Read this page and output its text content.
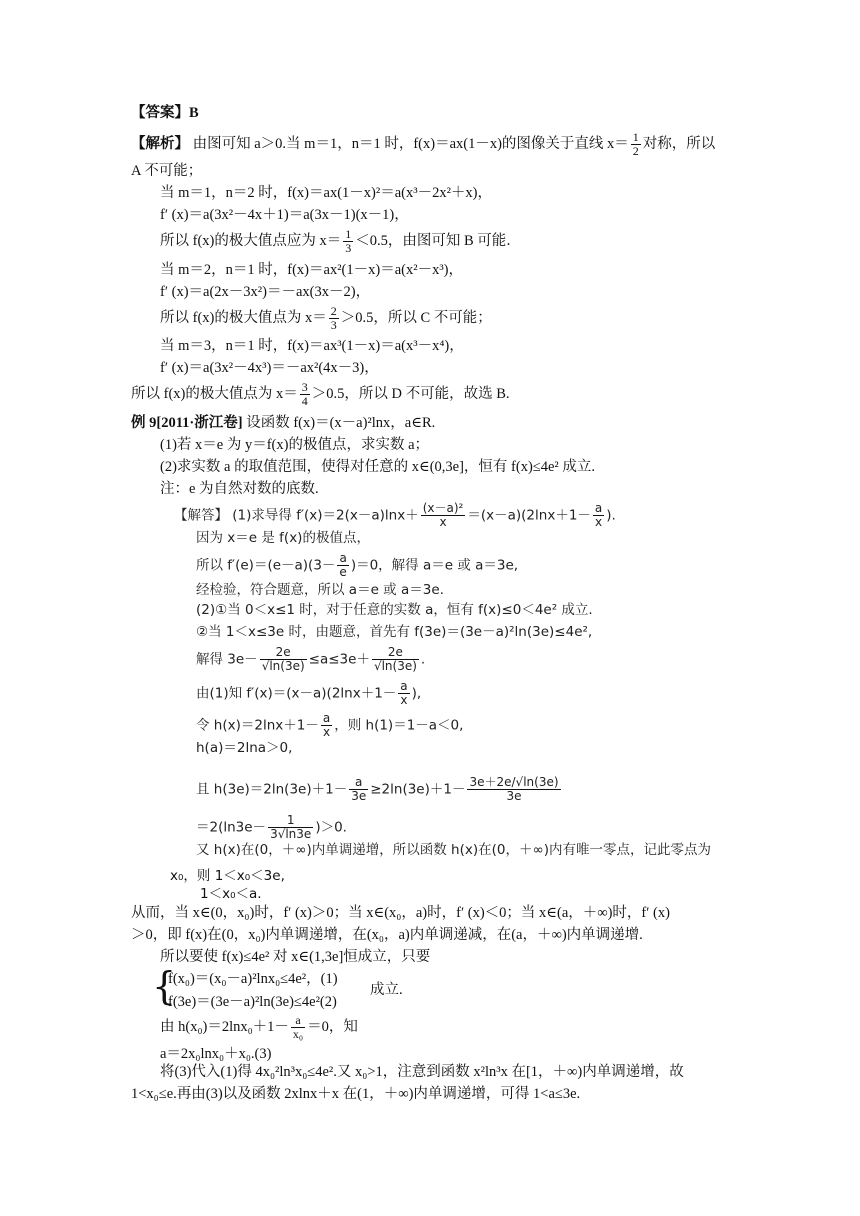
【答案】B
【解析】 由图可知 a＞0.当 m＝1，n＝1 时，f(x)＝ax(1－x)的图像关于直线 $x= \frac{1}{2}$ 对称，所以
A 不可能；
当 m＝1，n＝2 时，f(x)＝ax(1－x)²＝a(x³－2x²＋x)，
f′ (x)＝a(3x²－4x＋1)＝a(3x－1)(x－1)，
所以 f(x)的极大值点应为 $x= \frac{1}{3} <0.5$，由图可知 B 可能．
当 m＝2，n＝1 时，f(x)＝ax²(1－x)＝a(x²－x³)，
f′ (x)＝a(2x－3x²)＝－ax(3x－2)，
所以 f(x)的极大值点为 $x= \frac{2}{3} >0.5$，所以 C 不可能；
当 m＝3，n＝1 时，f(x)＝ax³(1－x)＝a(x³－x⁴)，
f′ (x)＝a(3x²－4x³)＝－ax²(4x－3)，
所以 f(x)的极大值点为 $x= \frac{3}{4} >0.5$，所以 D 不可能，故选 B.
例 9[2011·浙江卷] 设函数 f(x)＝(x－a)²lnx，a∈R.
(1)若 x＝e 为 y＝f(x)的极值点，求实数 a；
(2)求实数 a 的取值范围，使得对任意的 x∈(0,3e]，恒有 f(x)≤4e² 成立.
注：e 为自然对数的底数.
【解答】 (1)求导得 $f'(x)=2(x-a)\ln x+ \frac{\text{(x－a)²}}{x} =(x-a)(2\ln x+1- \frac{a}{x}$ ).
因为 x＝e 是 f(x)的极值点，
所以 $f'(e)=(e-a)(3- \frac{a}{e} )=0$，解得 a＝e 或 a＝3e,
经检验，符合题意，所以 a＝e 或 a＝3e.
(2)①当 0＜x≤1 时，对于任意的实数 a，恒有 f(x)≤0＜4e² 成立.
②当 1＜x≤3e 时，由题意，首先有 f(3e)＝(3e－a)²ln(3e)≤4e²,
解得 $3e- \frac{2e}{√\ln(3e)} \le a\le 3e+ \frac{2e}{√\ln(3e)}$ .
由(1)知 $f'(x)=(x-a)(2\ln x+1- \frac{a}{x}$ ),
令 $h(x)=2\ln x+1- \frac{a}{x}$ ，则 h(1)＝1－a＜0,
h(a)＝2lna＞0,
且 $h(3e)=2\ln(3e)+1- \frac{a}{3e} \ge 2\ln(3e)+1- \frac{3e+2e/√\ln(3e)}{3e}$
$=2(\ln 3e- \frac{1}{3√\ln 3e} )>0$.
又 h(x)在(0，＋∞)内单调递增，所以函数 h(x)在(0，＋∞)内有唯一零点，记此零点为
x₀，则 1＜x₀＜3e,
1＜x₀＜a.
从而，当 x∈(0，x₀)时，f′ (x)＞0；当 x∈(x₀，a)时，f′ (x)＜0；当 x∈(a，＋∞)时，f′ (x)
＞0，即 f(x)在(0，x₀)内单调递增，在(x₀，a)内单调递减，在(a，＋∞)内单调递增.
所以要使 f(x)≤4e² 对 x∈(1,3e]恒成立，只要
{
f(x₀)＝(x₀－a)²lnx₀≤4e²，(1)
f(3e)＝(3e－a)²ln(3e)≤4e²(2)
成立.
由 $h(x_0)=2\ln x_0+1- \frac{a}{\text{x₀}} =0$，知
a＝2x₀lnx₀＋x₀.(3)
将(3)代入(1)得 4x₀²ln³x₀≤4e².又 x₀>1，注意到函数 x²ln³x 在[1，＋∞)内单调递增，故
1<x₀≤e.再由(3)以及函数 2xlnx＋x 在(1，＋∞)内单调递增，可得 1<a≤3e.
